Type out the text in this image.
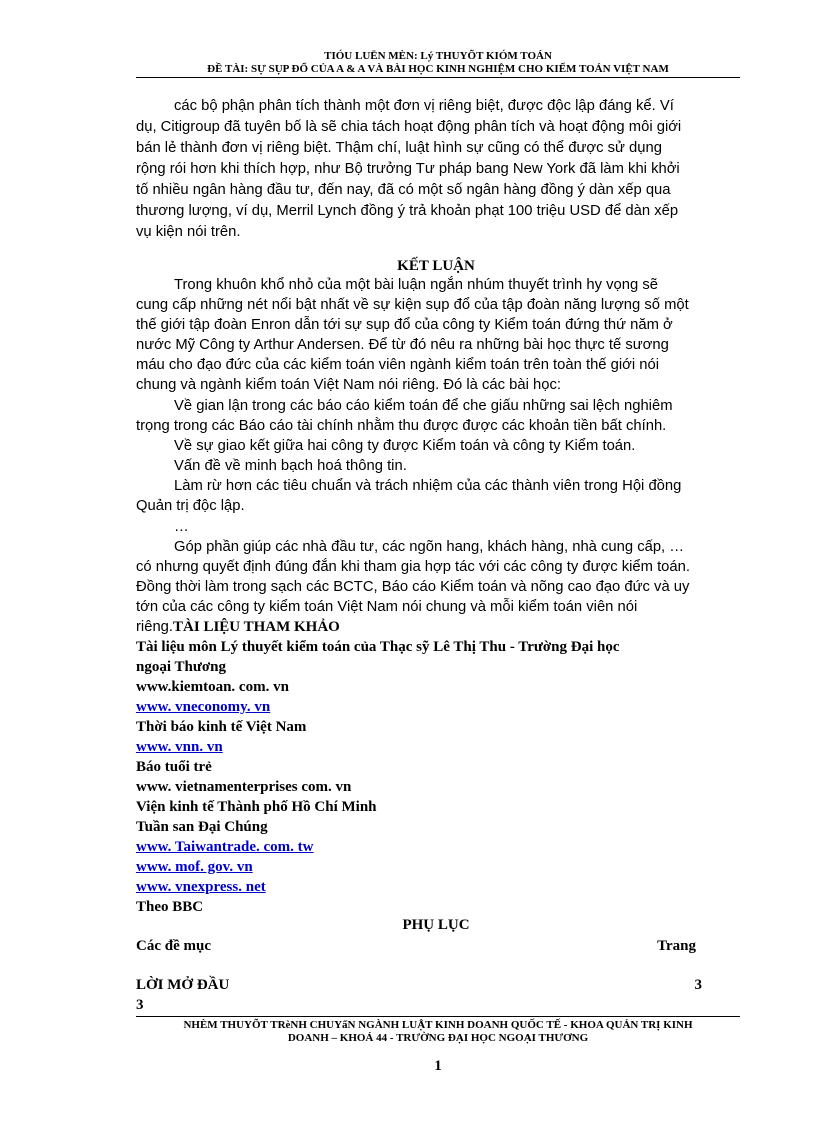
TIÓU LUËN MÈN: Lý THUYÕT KIÓM TOÁN
ĐỀ TÀI: SỰ SỤP ĐỔ CỦA A & A VÀ BÀI HỌC KINH NGHIỆM CHO KIỂM TOÁN VIỆT NAM
các bộ phận phân tích thành một đơn vị riêng biệt, được độc lập đáng kể. Ví
dụ, Citigroup đã tuyên bố là sẽ chia tách hoạt động phân tích và hoạt động môi giới
bán lẻ thành đơn vị riêng biệt. Thậm chí, luật hình sự cũng có thể được sử dụng
rộng rói hơn khi thích hợp, như Bộ trưởng Tư pháp bang New York đã làm khi khởi
tố nhiều ngân hàng đầu tư, đến nay, đã có một số ngân hàng đồng ý dàn xếp qua
thương lượng, ví dụ, Merril Lynch đồng ý trả khoản phạt 100 triệu USD để dàn xếp
vụ kiện nói trên.
KẾT LUẬN
Trong khuôn khổ nhỏ của một bài luận ngắn nhúm thuyết trình hy vọng sẽ
cung cấp những nét nổi bật nhất về sự kiện sụp đổ của tập đoàn năng lượng số một
thế giới tập đoàn Enron dẫn tới sự sụp đổ của công ty Kiểm toán đứng thứ năm ở
nước Mỹ Công ty Arthur Andersen. Để từ đó nêu ra những bài học thực tế sương
máu cho đạo đức của các kiểm toán viên ngành kiểm toán trên toàn thế giới nói
chung và ngành kiểm toán Việt Nam nói riêng. Đó là các bài học:
Về gian lận trong các báo cáo kiểm toán để che giấu những sai lệch nghiêm
trọng trong các Báo cáo tài chính nhằm thu được được các khoản tiền bất chính.
Về sự giao kết giữa hai công ty được Kiểm toán và công ty Kiểm toán.
Vấn đề về minh bạch hoá thông tin.
Làm rừ hơn các tiêu chuẩn và trách nhiệm của các thành viên trong Hội đồng
Quản trị độc lập.
…
Góp phần giúp các nhà đầu tư, các ngõn hang, khách hàng, nhà cung cấp, …
có nhưng quyết định đúng đắn khi tham gia hợp tác với các công ty được kiểm toán.
Đồng thời làm trong sạch các BCTC, Báo cáo Kiểm toán và nõng cao đạo đức và uy
tớn của các công ty kiểm toán Việt Nam nói chung và mỗi kiểm toán viên nói
riêng.TÀI LIỆU THAM KHẢO
Tài liệu môn Lý thuyết kiểm toán của Thạc sỹ Lê Thị Thu - Trường Đại học
ngoại Thương
www.kiemtoan. com. vn
www. vneconomy. vn
Thời báo kinh tế Việt Nam
www. vnn. vn
Báo tuổi trẻ
www. vietnamenterprises com. vn
Viện kinh tế Thành phố Hồ Chí Minh
Tuần san Đại Chúng
www. Taiwantrade. com. tw
www. mof. gov. vn
www. vnexpress. net
Theo BBC
PHỤ LỤC
Các đề mục	Trang
LỜI MỞ ĐẦU	3
3
NHÈM THUYÕT TRèNH CHUYấN NGÀNH LUẬT KINH DOANH QUỐC TẾ - KHOA QUẢN TRỊ KINH
DOANH – KHOÁ 44 - TRƯỜNG ĐẠI HỌC NGOẠI THƯƠNG
1
